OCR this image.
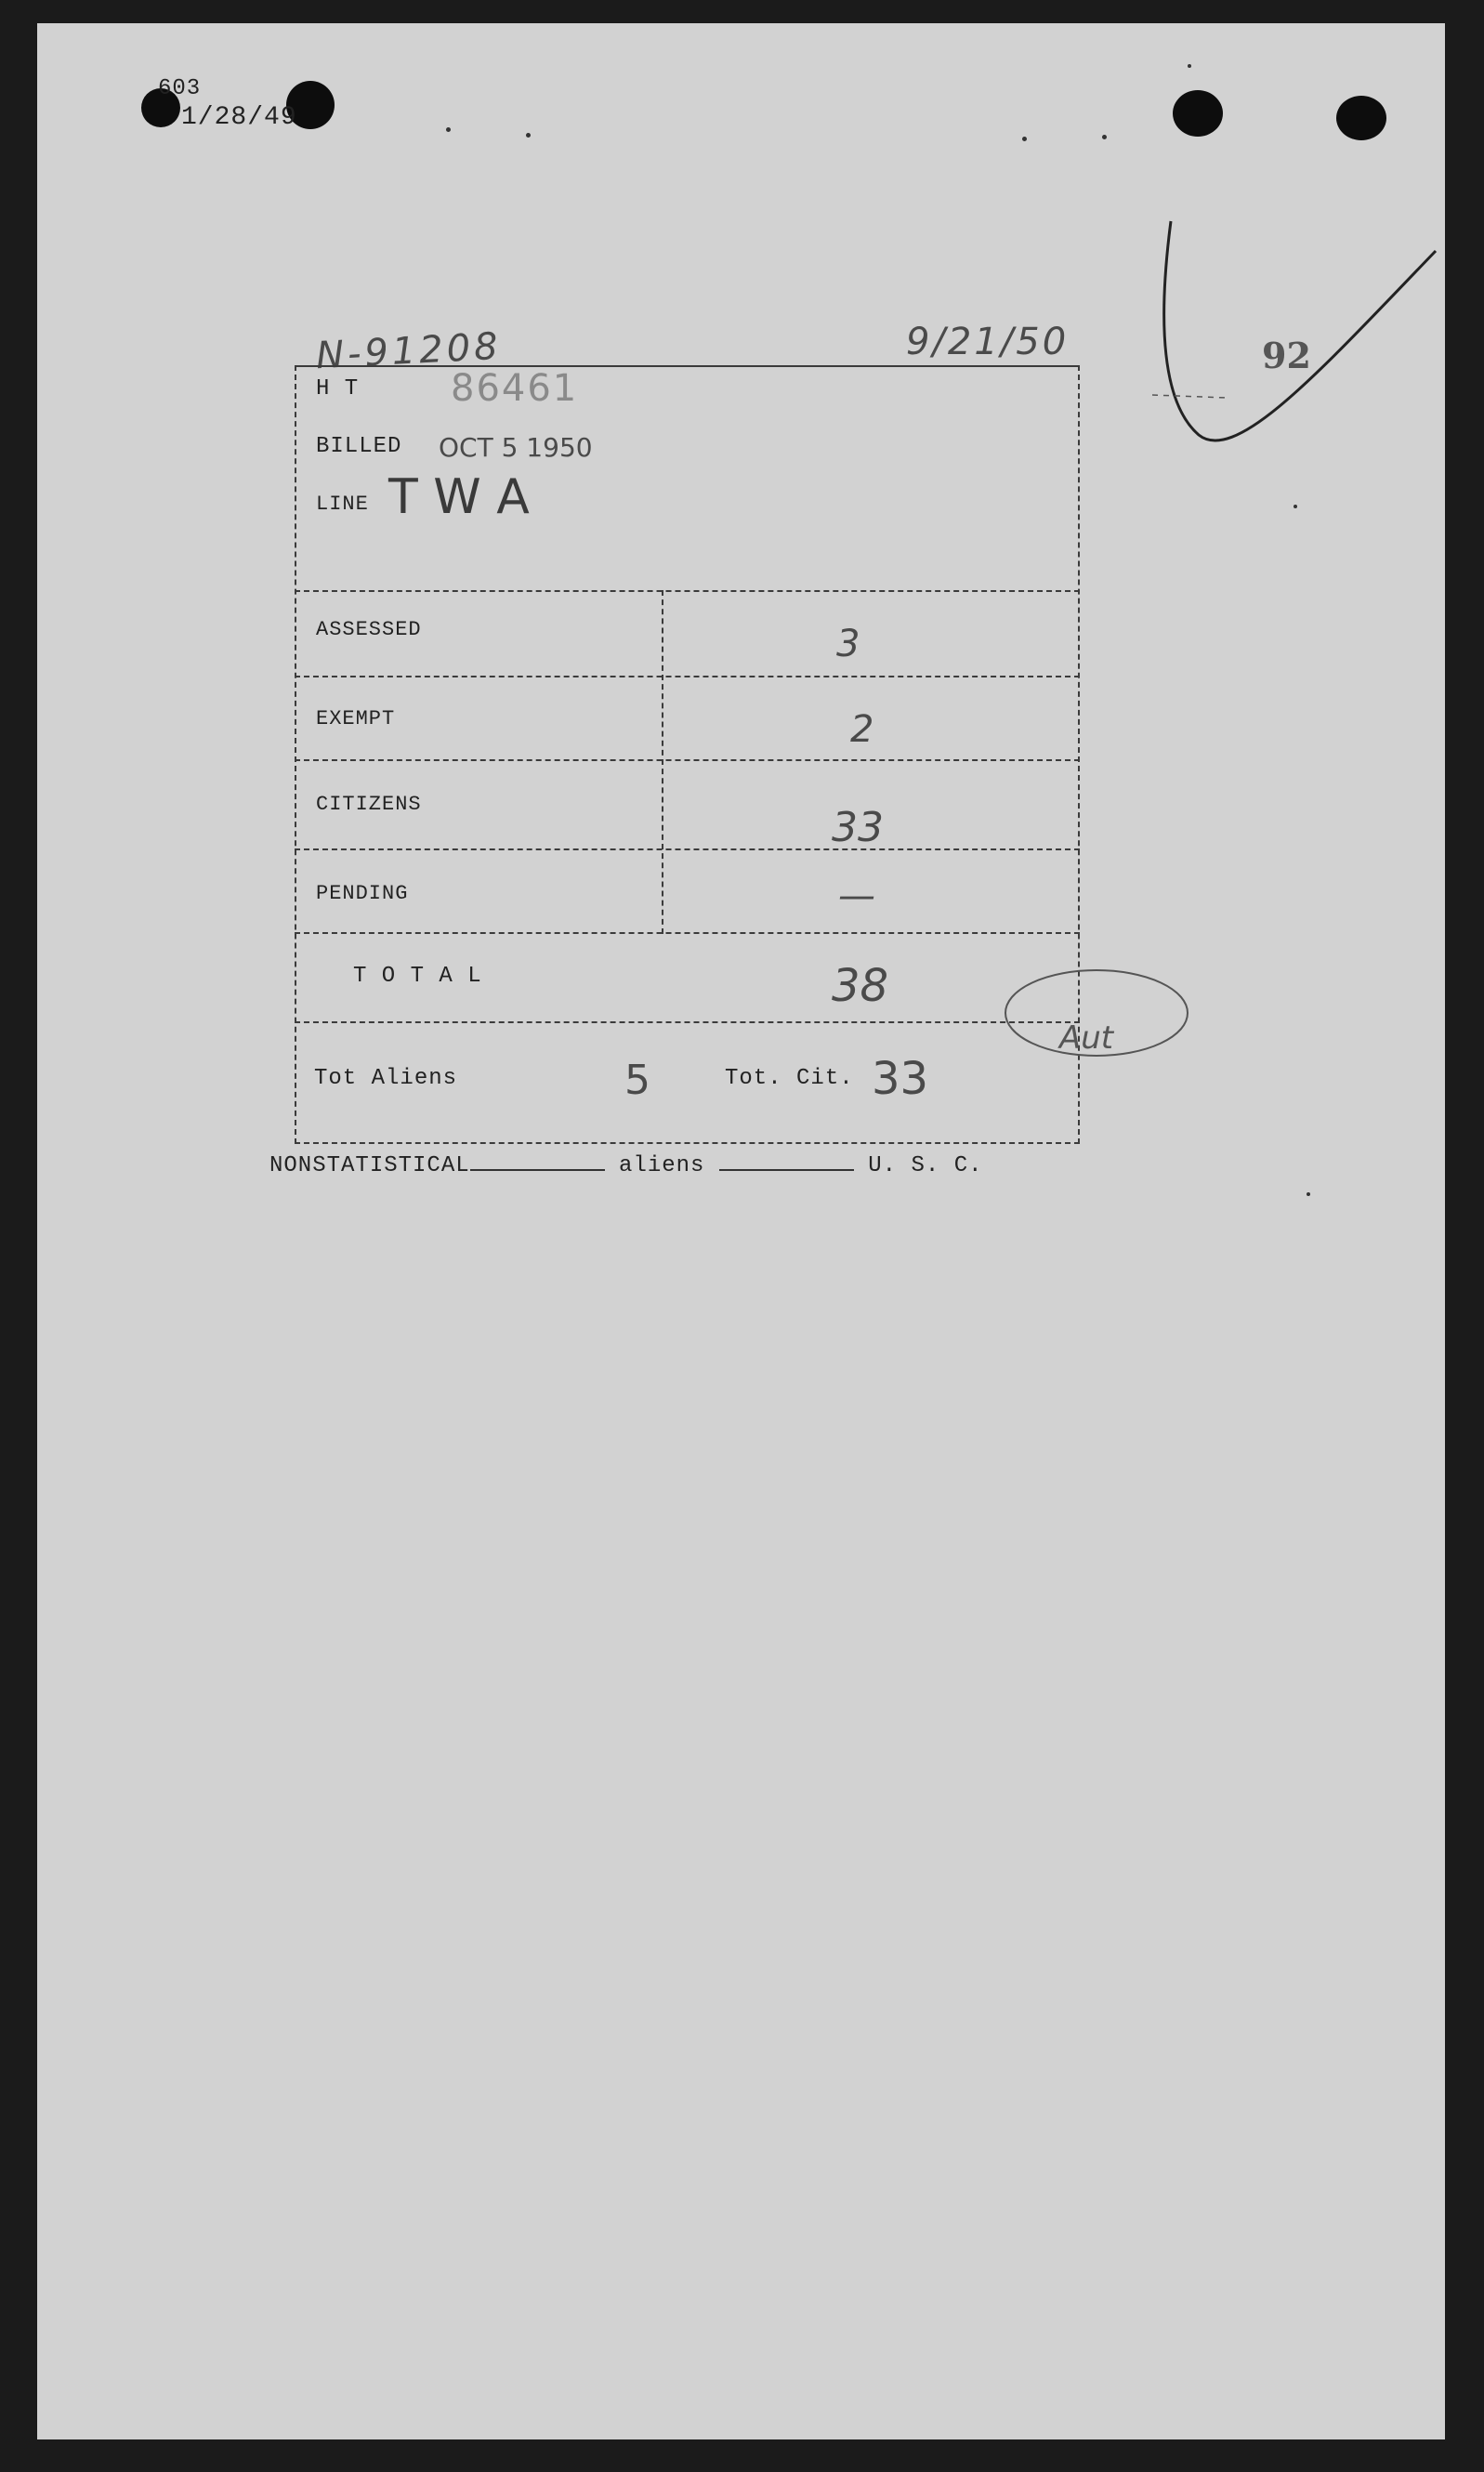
603
1/28/49
92
N-91208	9/21/50
H T 86461
BILLED OCT 5 1950
LINE T W A
ASSESSED	3
EXEMPT	2
CITIZENS	33
PENDING	—
T O T A L	38
Aut
Tot Aliens	5	Tot. Cit. 33
NONSTATISTICAL	aliens	U. S. C.
